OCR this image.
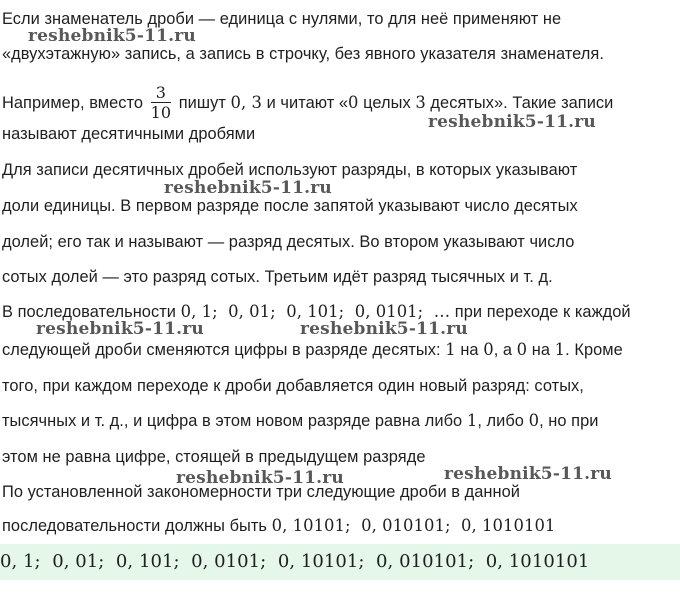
Если знаменатель дроби — единица с нулями, то для неё применяют не
«двухэтажную» запись, а запись в строчку, без явного указателя знаменателя.
Например, вместо $\frac{3}{10}$ пишут 0, 3 и читают «0 целых 3 десятых». Такие записи
называют десятичными дробями
Для записи десятичных дробей используют разряды, в которых указывают
доли единицы. В первом разряде после запятой указывают число десятых
долей; его так и называют — разряд десятых. Во втором указывают число
сотых долей — это разряд сотых. Третьим идёт разряд тысячных и т. д.
В последовательности 0, 1;  0, 01;  0, 101;  0, 0101;  … при переходе к каждой
следующей дроби сменяются цифры в разряде десятых: 1 на 0, а 0 на 1. Кроме
того, при каждом переходе к дроби добавляется один новый разряд: сотых,
тысячных и т. д., и цифра в этом новом разряде равна либо 1, либо 0, но при
этом не равна цифре, стоящей в предыдущем разряде
По установленной закономерности три следующие дроби в данной
последовательности должны быть 0, 10101;  0, 010101;  0, 1010101
0, 1;  0, 01;  0, 101;  0, 0101;  0, 10101;  0, 010101;  0, 1010101
reshebnik5-11.ru
reshebnik5-11.ru
reshebnik5-11.ru
reshebnik5-11.ru	reshebnik5-11.ru
reshebnik5-11.ru	reshebnik5-11.ru
